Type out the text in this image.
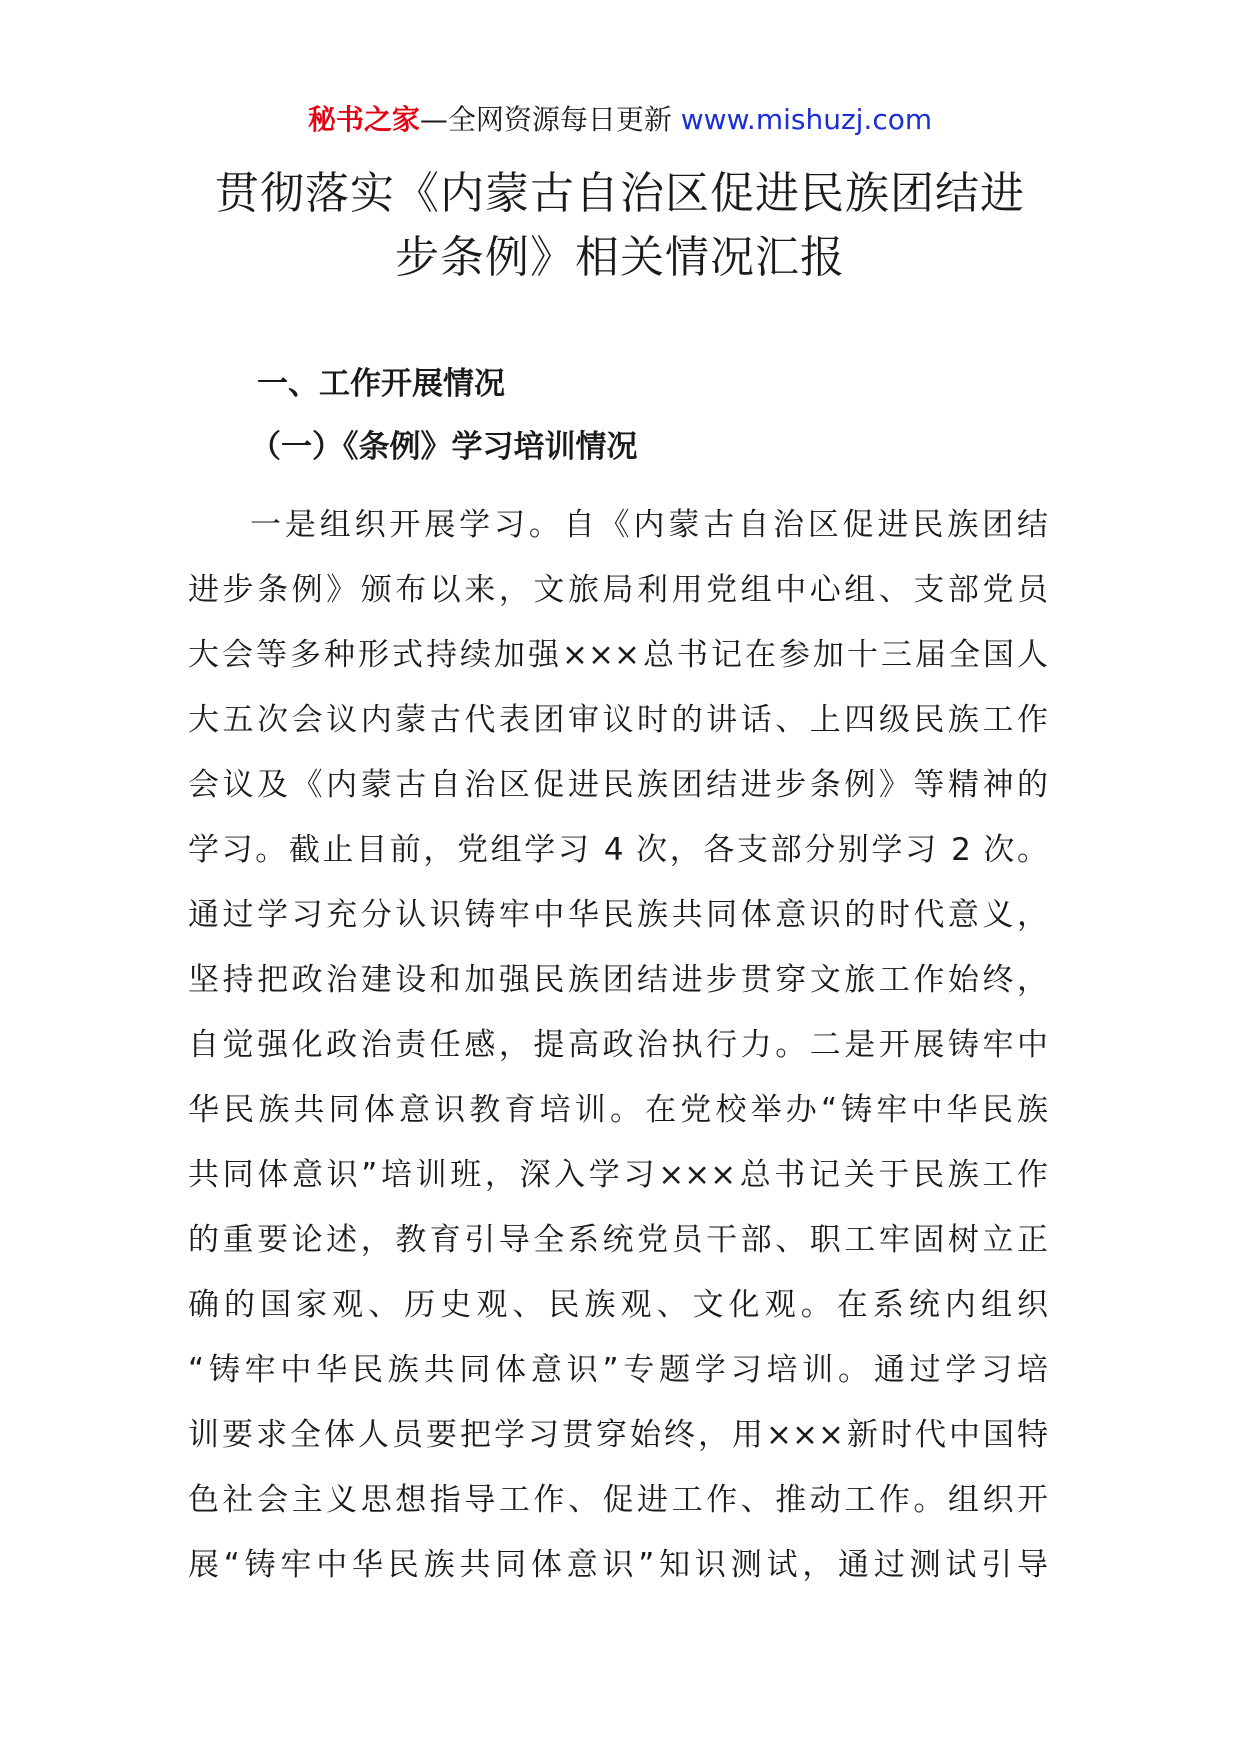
秘书之家—全网资源每日更新 www.mishuzj.com
贯彻落实《内蒙古自治区促进民族团结进
步条例》相关情况汇报
一、工作开展情况
（一）《条例》学习培训情况
一是组织开展学习。自《内蒙古自治区促进民族团结
进步条例》颁布以来，文旅局利用党组中心组、支部党员
大会等多种形式持续加强×××总书记在参加十三届全国人
大五次会议内蒙古代表团审议时的讲话、上四级民族工作
会议及《内蒙古自治区促进民族团结进步条例》等精神的
学习。截止目前，党组学习 4 次，各支部分别学习 2 次。
通过学习充分认识铸牢中华民族共同体意识的时代意义，
坚持把政治建设和加强民族团结进步贯穿文旅工作始终，
自觉强化政治责任感，提高政治执行力。二是开展铸牢中
华民族共同体意识教育培训。在党校举办“铸牢中华民族
共同体意识”培训班，深入学习×××总书记关于民族工作
的重要论述，教育引导全系统党员干部、职工牢固树立正
确的国家观、历史观、民族观、文化观。在系统内组织
“铸牢中华民族共同体意识”专题学习培训。通过学习培
训要求全体人员要把学习贯穿始终，用×××新时代中国特
色社会主义思想指导工作、促进工作、推动工作。组织开
展“铸牢中华民族共同体意识”知识测试，通过测试引导
